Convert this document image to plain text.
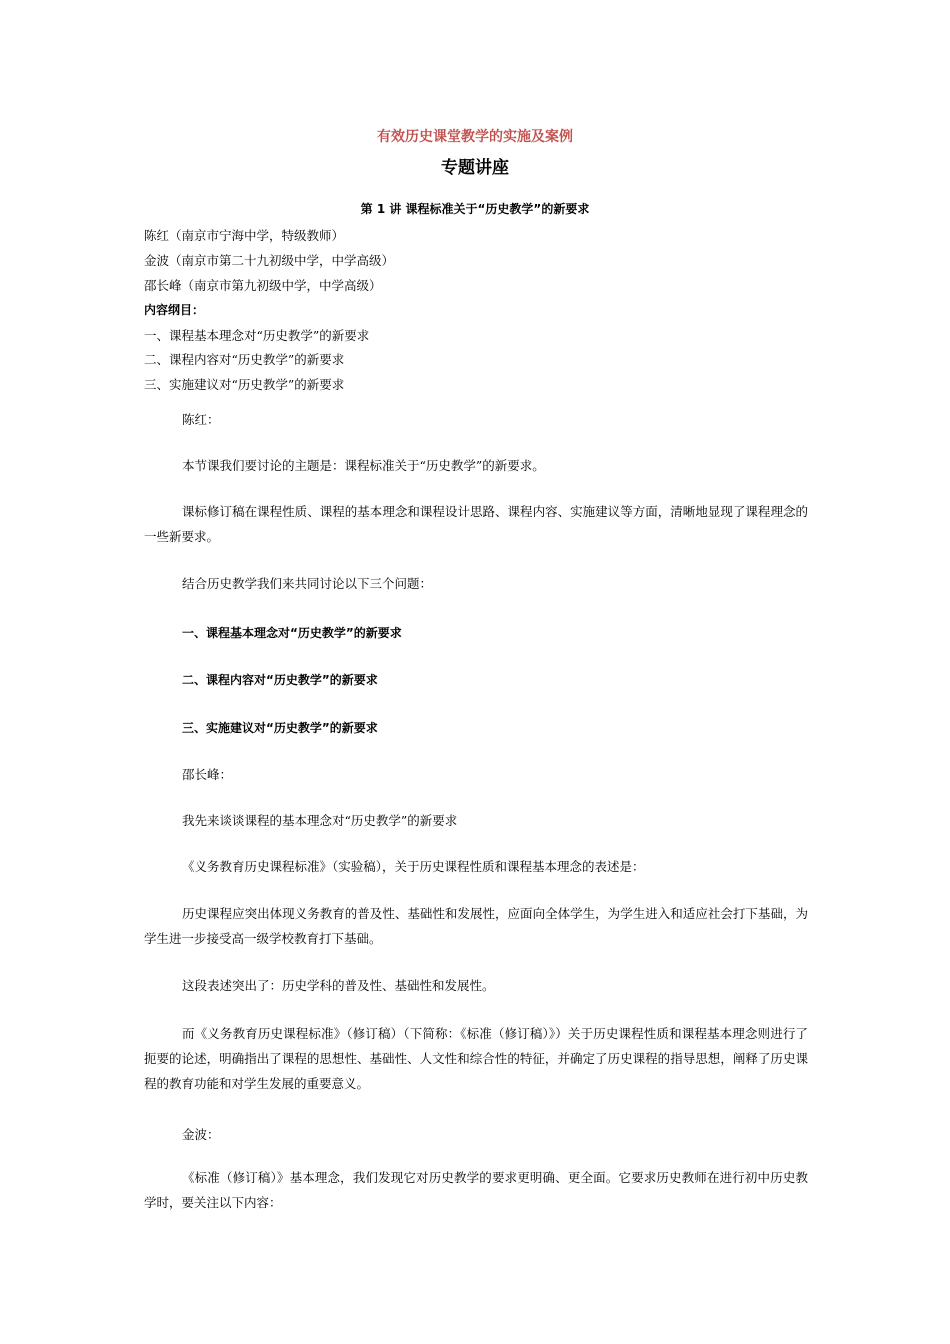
有效历史课堂教学的实施及案例
专题讲座
第 1 讲 课程标准关于“历史教学”的新要求
陈红（南京市宁海中学，特级教师）
金波（南京市第二十九初级中学，中学高级）
邵长峰（南京市第九初级中学，中学高级）
内容纲目：
一、课程基本理念对“历史教学”的新要求
二、课程内容对“历史教学”的新要求
三、实施建议对“历史教学”的新要求
陈红：
本节课我们要讨论的主题是：课程标准关于“历史教学”的新要求。
课标修订稿在课程性质、课程的基本理念和课程设计思路、课程内容、实施建议等方面，清晰地显现了课程理念的一些新要求。
结合历史教学我们来共同讨论以下三个问题：
一、课程基本理念对“历史教学”的新要求
二、课程内容对“历史教学”的新要求
三、实施建议对“历史教学”的新要求
邵长峰：
我先来谈谈课程的基本理念对“历史教学”的新要求
《义务教育历史课程标准》（实验稿），关于历史课程性质和课程基本理念的表述是：
历史课程应突出体现义务教育的普及性、基础性和发展性，应面向全体学生，为学生进入和适应社会打下基础，为学生进一步接受高一级学校教育打下基础。
这段表述突出了：历史学科的普及性、基础性和发展性。
而《义务教育历史课程标准》（修订稿）（下简称：《标准（修订稿）》）关于历史课程性质和课程基本理念则进行了扼要的论述，明确指出了课程的思想性、基础性、人文性和综合性的特征，并确定了历史课程的指导思想，阐释了历史课程的教育功能和对学生发展的重要意义。
金波：
《标准（修订稿）》基本理念，我们发现它对历史教学的要求更明确、更全面。它要求历史教师在进行初中历史教学时，要关注以下内容：
